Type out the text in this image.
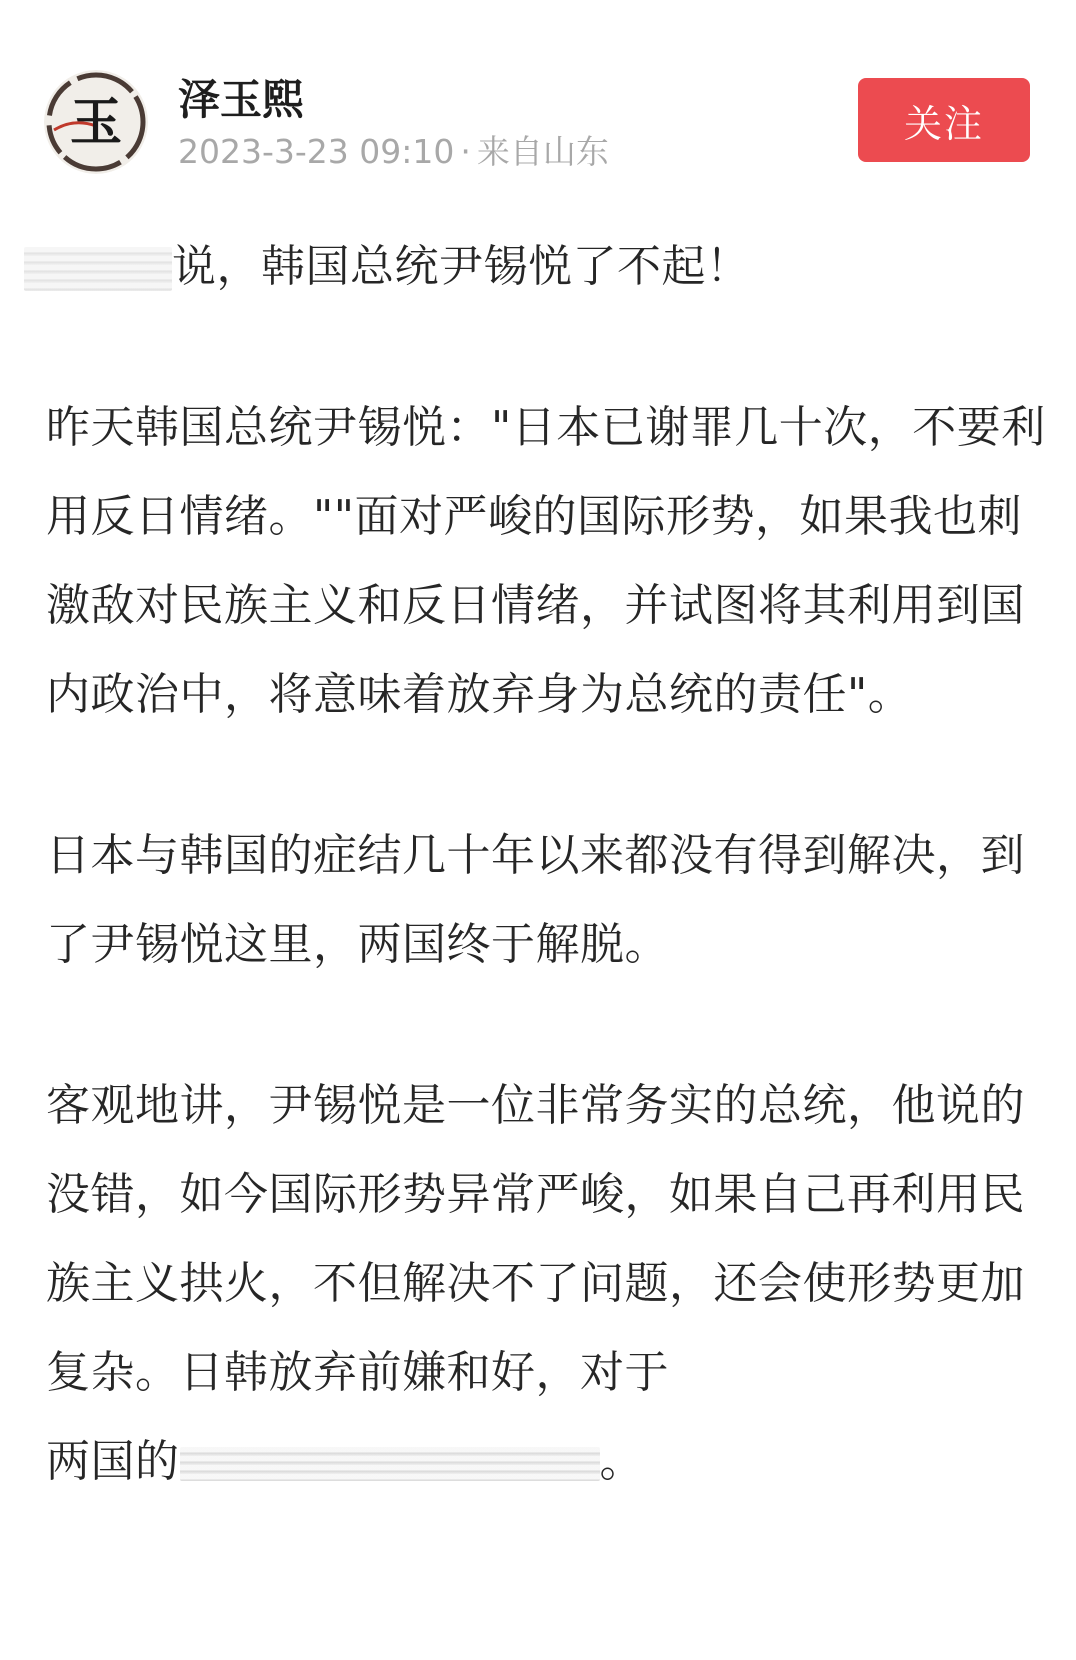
玉 泽玉熙
2023-3-23 09:10 · 来自山东
关注

说，韩国总统尹锡悦了不起！

昨天韩国总统尹锡悦："日本已谢罪几十次，不要利用反日情绪。""面对严峻的国际形势，如果我也刺激敌对民族主义和反日情绪，并试图将其利用到国内政治中，将意味着放弃身为总统的责任"。

日本与韩国的症结几十年以来都没有得到解决，到了尹锡悦这里，两国终于解脱。

客观地讲，尹锡悦是一位非常务实的总统，他说的没错，如今国际形势异常严峻，如果自己再利用民族主义拱火，不但解决不了问题，还会使形势更加复杂。日韩放弃前嫌和好，对于
两国的	。
